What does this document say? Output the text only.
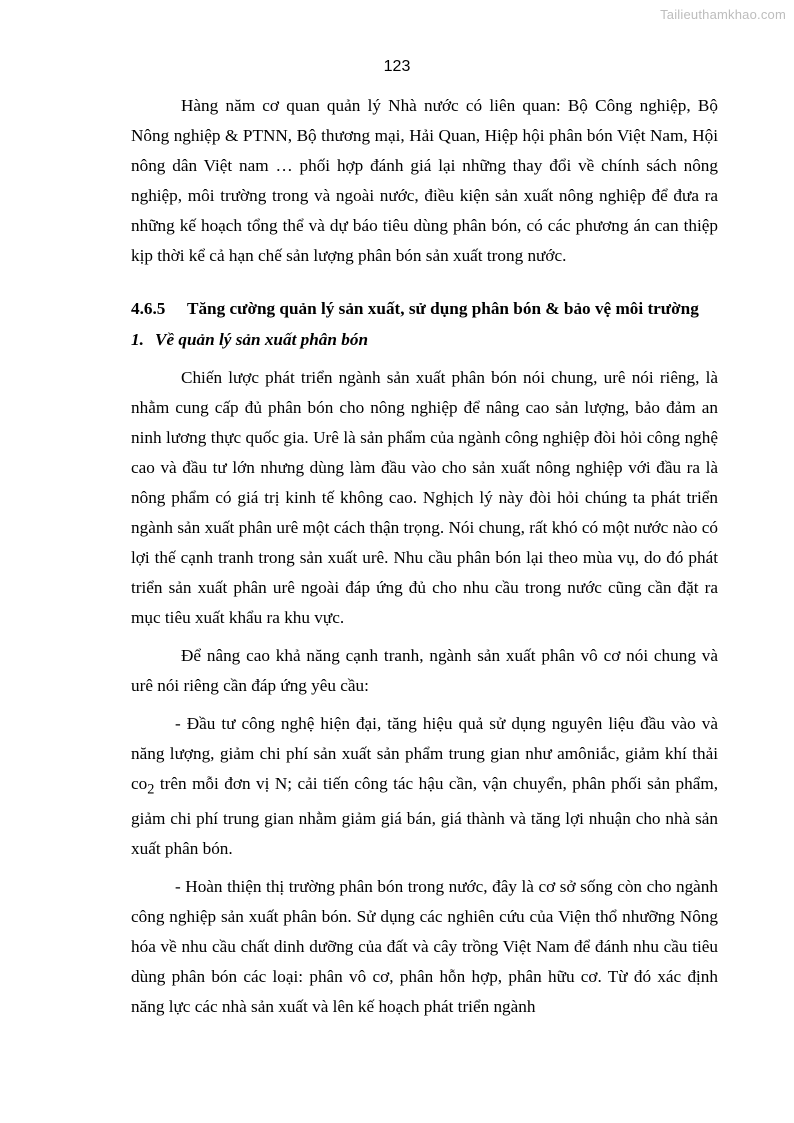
Tailieuthamkhao.com
123

Hàng năm cơ quan quản lý Nhà nước có liên quan: Bộ Công nghiệp, Bộ Nông nghiệp & PTNN, Bộ thương mại, Hải Quan, Hiệp hội phân bón Việt Nam, Hội nông dân Việt nam … phối hợp đánh giá lại những thay đổi về chính sách nông nghiệp, môi trường trong và ngoài nước, điều kiện sản xuất nông nghiệp để đưa ra những kế hoạch tổng thể và dự báo tiêu dùng phân bón, có các phương án can thiệp kịp thời kể cả hạn chế sản lượng phân bón sản xuất trong nước.

4.6.5 Tăng cường quản lý sản xuất, sử dụng phân bón & bảo vệ môi trường

1. Về quản lý sản xuất phân bón

Chiến lược phát triển ngành sản xuất phân bón nói chung, urê nói riêng, là nhằm cung cấp đủ phân bón cho nông nghiệp để nâng cao sản lượng, bảo đảm an ninh lương thực quốc gia. Urê là sản phẩm của ngành công nghiệp đòi hỏi công nghệ cao và đầu tư lớn nhưng dùng làm đầu vào cho sản xuất nông nghiệp với đầu ra là nông phẩm có giá trị kinh tế không cao. Nghịch lý này đòi hỏi chúng ta phát triển ngành sản xuất phân urê một cách thận trọng. Nói chung, rất khó có một nước nào có lợi thế cạnh tranh trong sản xuất urê. Nhu cầu phân bón lại theo mùa vụ, do đó phát triển sản xuất phân urê ngoài đáp ứng đủ cho nhu cầu trong nước cũng cần đặt ra mục tiêu xuất khẩu ra khu vực.

Để nâng cao khả năng cạnh tranh, ngành sản xuất phân vô cơ nói chung và urê nói riêng cần đáp ứng yêu cầu:

- Đầu tư công nghệ hiện đại, tăng hiệu quả sử dụng nguyên liệu đầu vào và năng lượng, giảm chi phí sản xuất sản phẩm trung gian như amôniắc, giảm khí thải $co_2$ trên mỗi đơn vị N; cải tiến công tác hậu cần, vận chuyển, phân phối sản phẩm, giảm chi phí trung gian nhằm giảm giá bán, giá thành và tăng lợi nhuận cho nhà sản xuất phân bón.

- Hoàn thiện thị trường phân bón trong nước, đây là cơ sở sống còn cho ngành công nghiệp sản xuất phân bón. Sử dụng các nghiên cứu của Viện thổ nhưỡng Nông hóa về nhu cầu chất dinh dưỡng của đất và cây trồng Việt Nam để đánh nhu cầu tiêu dùng phân bón các loại: phân vô cơ, phân hỗn hợp, phân hữu cơ. Từ đó xác định năng lực các nhà sản xuất và lên kế hoạch phát triển ngành
